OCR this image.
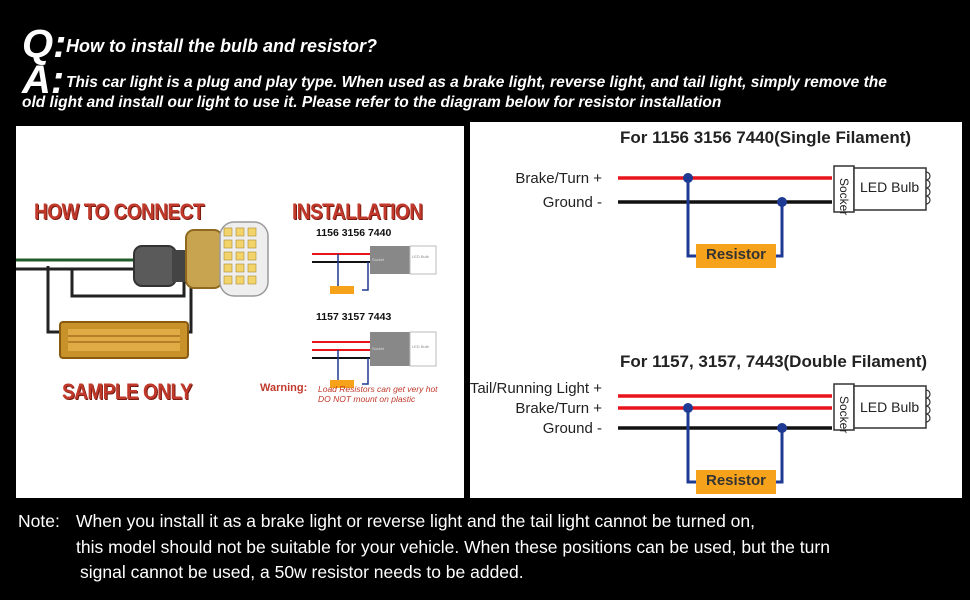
Q: How to install the bulb and resistor?
A: This car light is a plug and play type. When used as a brake light, reverse light, and tail light, simply remove the
old light and install our light to use it. Please refer to the diagram below for resistor installation
HOW TO CONNECT
SAMPLE ONLY
INSTALLATION
1156 3156 7440
1157 3157 7443
Socket
LED Bulb
Socket	LED Bulb
Warning: Load Resistors can get very hot
DO NOT mount on plastic
For 1156 3156 7440(Single Filament)
Brake/Turn +
Ground -	Socker LED Bulb
Resistor
For 1157, 3157, 7443(Double Filament)
Tail/Running Light +
Brake/Turn +
Ground -	Socker LED Bulb
Resistor
Note: When you install it as a brake light or reverse light and the tail light cannot be turned on,
this model should not be suitable for your vehicle. When these positions can be used, but the turn
signal cannot be used, a 50w resistor needs to be added.
